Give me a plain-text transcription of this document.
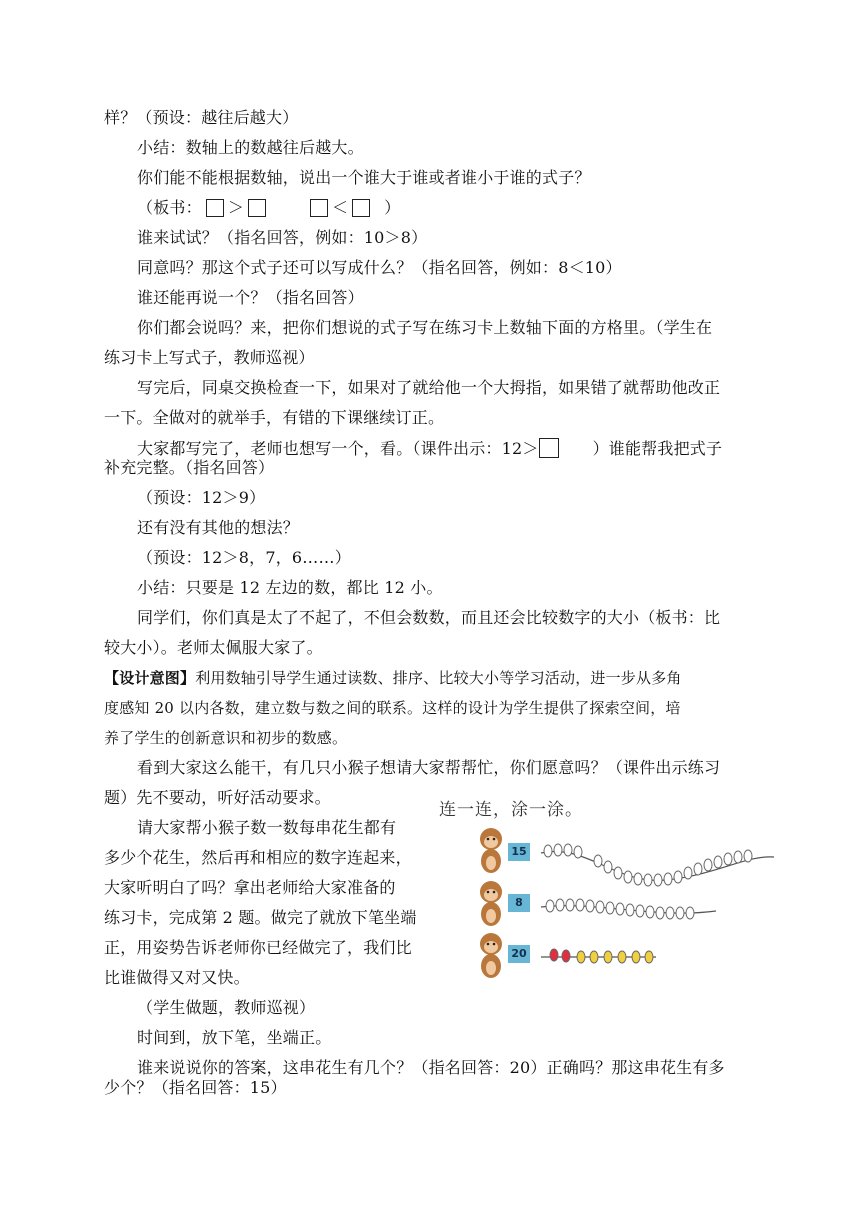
样？（预设：越往后越大）
小结：数轴上的数越往后越大。
你们能不能根据数轴，说出一个谁大于谁或者谁小于谁的式子？
（板书： ＞	＜ ）
谁来试试？（指名回答，例如：10＞8）
同意吗？那这个式子还可以写成什么？（指名回答，例如：8＜10）
谁还能再说一个？（指名回答）
你们都会说吗？来，把你们想说的式子写在练习卡上数轴下面的方格里。（学生在
练习卡上写式子，教师巡视）
写完后，同桌交换检查一下，如果对了就给他一个大拇指，如果错了就帮助他改正
一下。全做对的就举手，有错的下课继续订正。
大家都写完了，老师也想写一个，看。（课件出示：12＞	）谁能帮我把式子
补充完整。（指名回答）
（预设：12＞9）
还有没有其他的想法？
（预设：12＞8，7，6……）
小结：只要是 12 左边的数，都比 12 小。
同学们，你们真是太了不起了，不但会数数，而且还会比较数字的大小（板书：比
较大小）。老师太佩服大家了。
【设计意图】利用数轴引导学生通过读数、排序、比较大小等学习活动，进一步从多角
度感知 20 以内各数，建立数与数之间的联系。这样的设计为学生提供了探索空间，培
养了学生的创新意识和初步的数感。
看到大家这么能干，有几只小猴子想请大家帮帮忙，你们愿意吗？（课件出示练习
题）先不要动，听好活动要求。
请大家帮小猴子数一数每串花生都有
多少个花生，然后再和相应的数字连起来，
大家听明白了吗？拿出老师给大家准备的
练习卡，完成第 2 题。做完了就放下笔坐端
正，用姿势告诉老师你已经做完了，我们比
比谁做得又对又快。
（学生做题，教师巡视）
时间到，放下笔，坐端正。
谁来说说你的答案，这串花生有几个？（指名回答：20）正确吗？那这串花生有多
少个？（指名回答：15）
连一连，涂一涂。
15
8
20
